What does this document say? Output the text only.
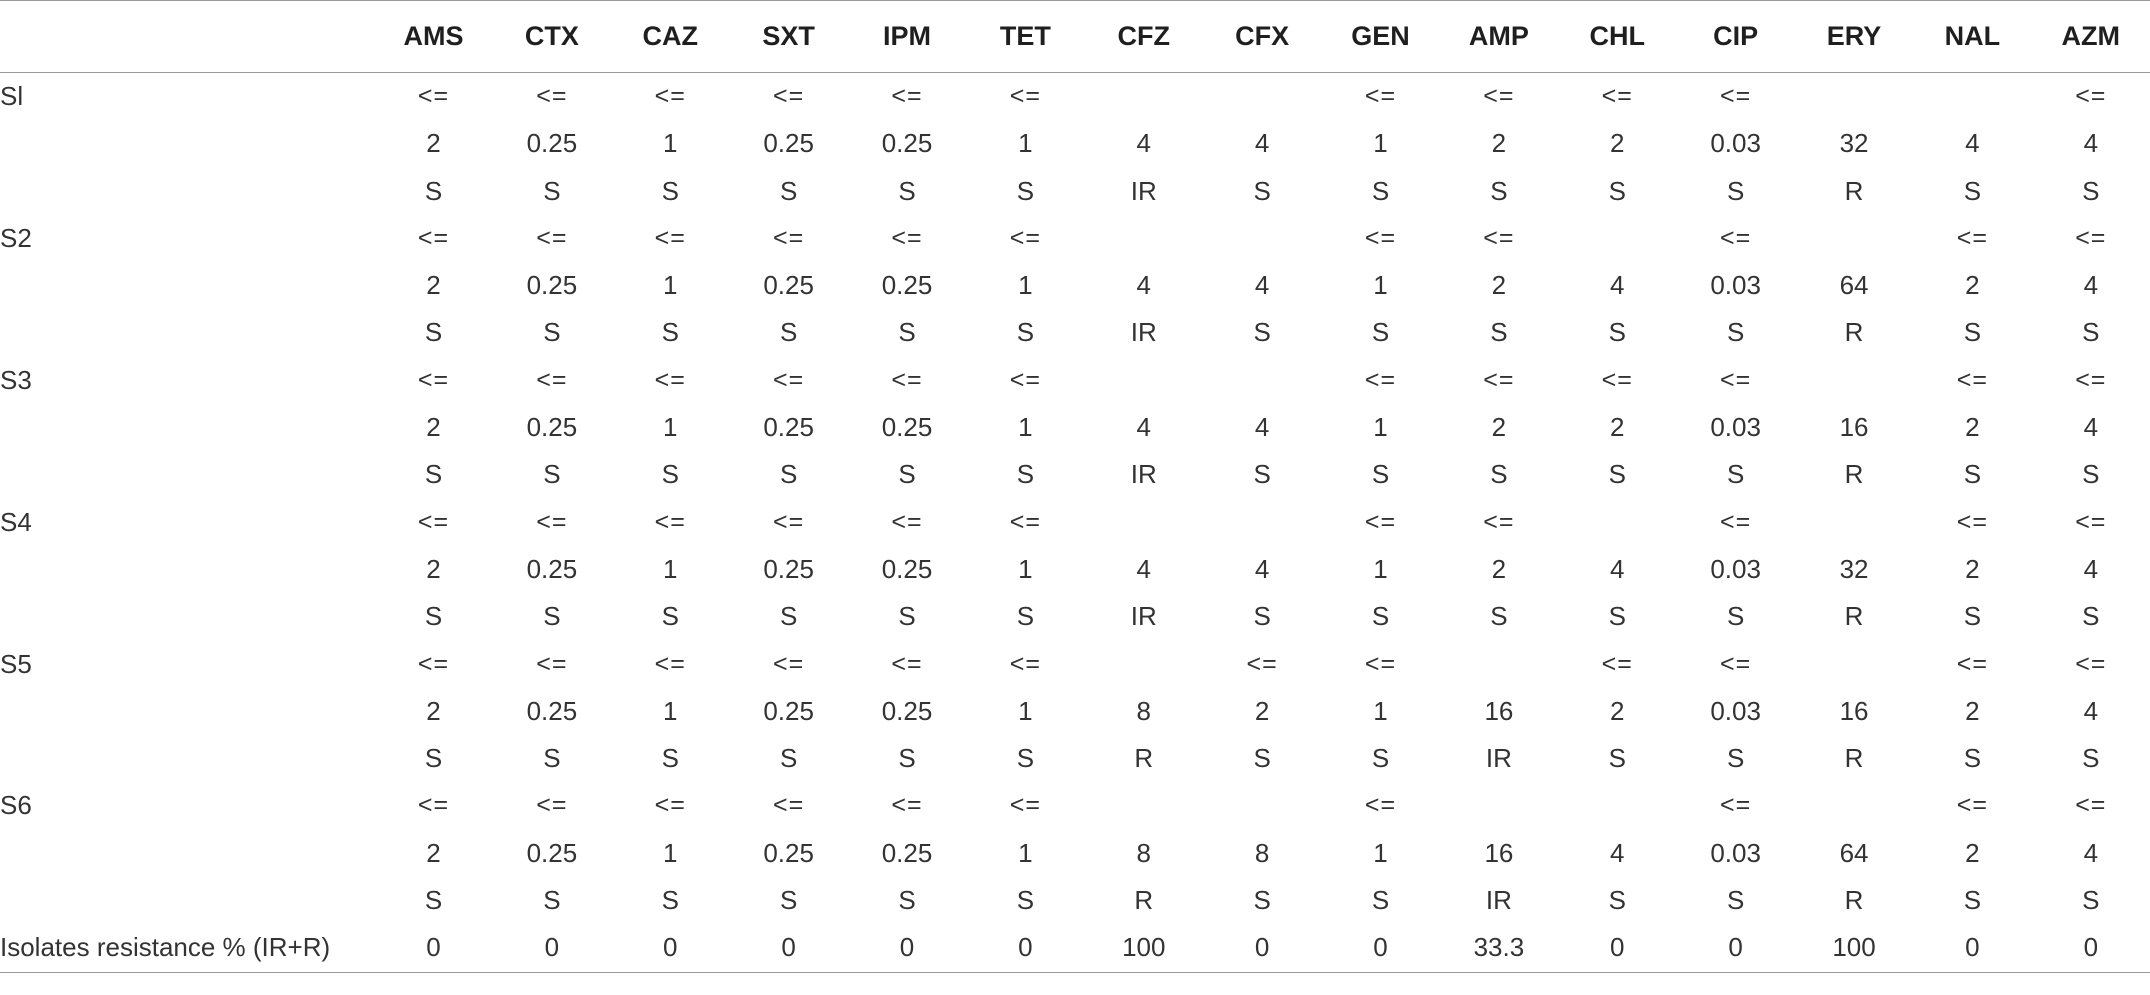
	AMS	CTX	CAZ	SXT	IPM	TET	CFZ	CFX	GEN	AMP	CHL	CIP	ERY	NAL	AZM
Sl	<=	<=	<=	<=	<=	<=			<=	<=	<=	<=			<=
	2	0.25	1	0.25	0.25	1	4	4	1	2	2	0.03	32	4	4
	S	S	S	S	S	S	IR	S	S	S	S	S	R	S	S
S2	<=	<=	<=	<=	<=	<=			<=	<=		<=		<=	<=
	2	0.25	1	0.25	0.25	1	4	4	1	2	4	0.03	64	2	4
	S	S	S	S	S	S	IR	S	S	S	S	S	R	S	S
S3	<=	<=	<=	<=	<=	<=			<=	<=	<=	<=		<=	<=
	2	0.25	1	0.25	0.25	1	4	4	1	2	2	0.03	16	2	4
	S	S	S	S	S	S	IR	S	S	S	S	S	R	S	S
S4	<=	<=	<=	<=	<=	<=			<=	<=		<=		<=	<=
	2	0.25	1	0.25	0.25	1	4	4	1	2	4	0.03	32	2	4
	S	S	S	S	S	S	IR	S	S	S	S	S	R	S	S
S5	<=	<=	<=	<=	<=	<=		<=	<=		<=	<=		<=	<=
	2	0.25	1	0.25	0.25	1	8	2	1	16	2	0.03	16	2	4
	S	S	S	S	S	S	R	S	S	IR	S	S	R	S	S
S6	<=	<=	<=	<=	<=	<=			<=			<=		<=	<=
	2	0.25	1	0.25	0.25	1	8	8	1	16	4	0.03	64	2	4
	S	S	S	S	S	S	R	S	S	IR	S	S	R	S	S
Isolates resistance % (IR+R)	0	0	0	0	0	0	100	0	0	33.3	0	0	100	0	0
